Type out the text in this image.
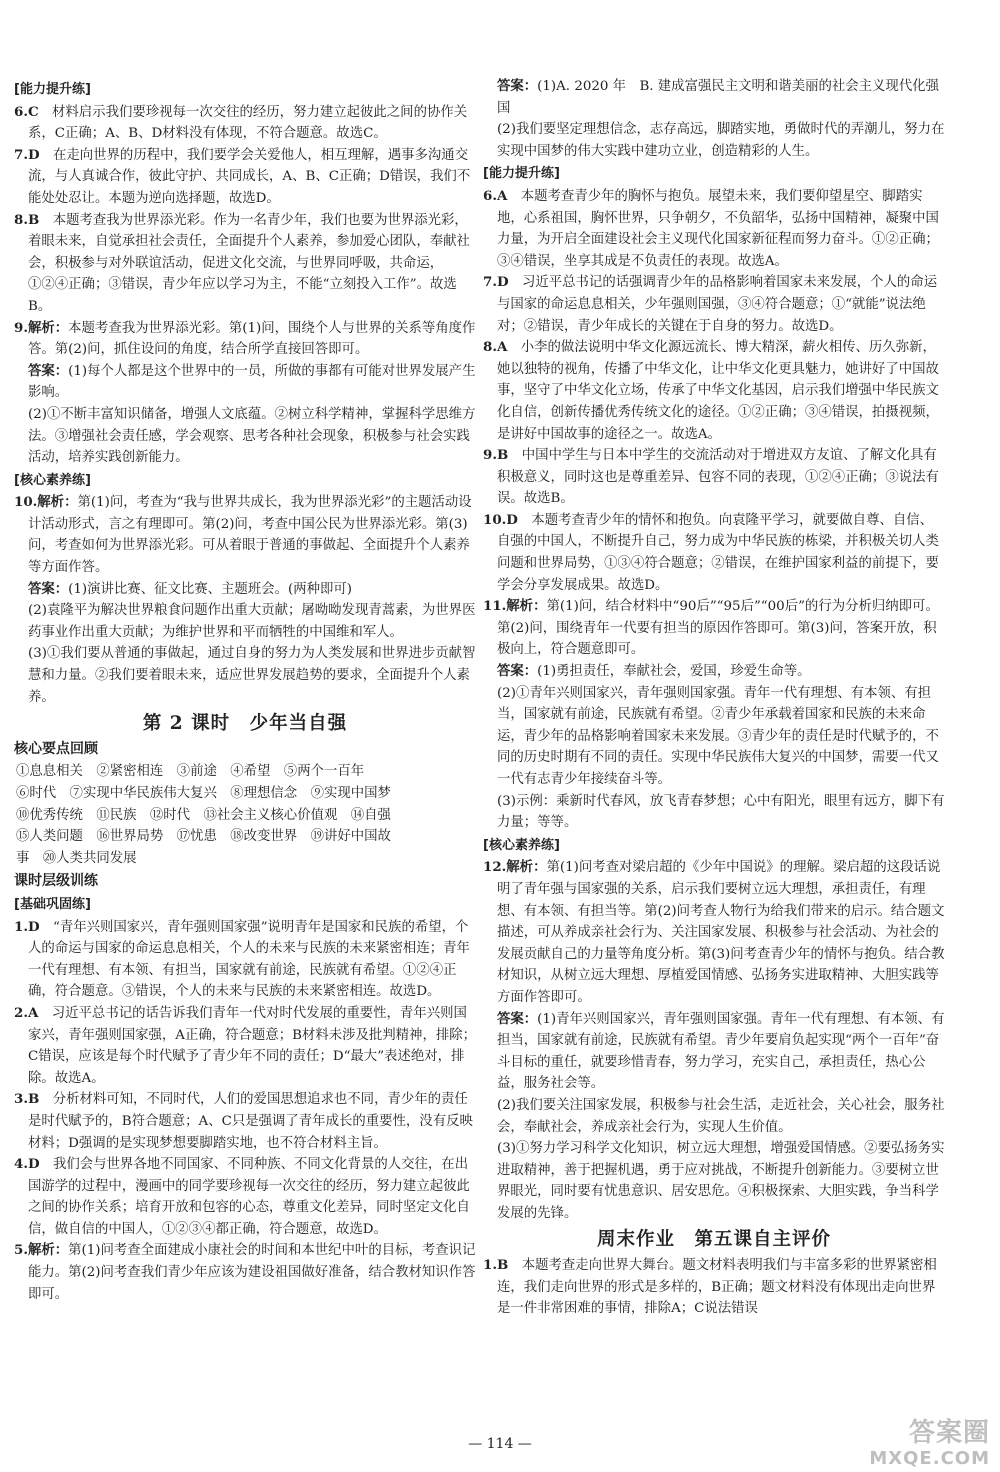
[能力提升练]

6.C　 材料启示我们要珍视每一次交往的经历，努力建立起彼此之间的协作关系，C正确；A、B、D材料没有体现，不符合题意。故选C。

7.D　 在走向世界的历程中，我们要学会关爱他人，相互理解，遇事多沟通交流，与人真诚合作，彼此守护、共同成长，A、B、C正确；D错误，我们不能处处忍让。本题为逆向选择题，故选D。

8.B　 本题考查我为世界添光彩。作为一名青少年，我们也要为世界添光彩，着眼未来，自觉承担社会责任，全面提升个人素养，参加爱心团队，奉献社会，积极参与对外联谊活动，促进文化交流，与世界同呼吸，共命运，①②④正确；③错误，青少年应以学习为主，不能“立刻投入工作”。故选B。

9.解析：本题考查我为世界添光彩。第(1)问，围绕个人与世界的关系等角度作答。第(2)问，抓住设问的角度，结合所学直接回答即可。

答案：(1)每个人都是这个世界中的一员，所做的事都有可能对世界发展产生影响。

(2)①不断丰富知识储备，增强人文底蕴。②树立科学精神，掌握科学思维方法。③增强社会责任感，学会观察、思考各种社会现象，积极参与社会实践活动，培养实践创新能力。

[核心素养练]

10.解析：第(1)问，考查为“我与世界共成长，我为世界添光彩”的主题活动设计活动形式，言之有理即可。第(2)问，考查中国公民为世界添光彩。第(3)问，考查如何为世界添光彩。可从着眼于普通的事做起、全面提升个人素养等方面作答。

答案：(1)演讲比赛、征文比赛、主题班会。(两种即可)

(2)袁隆平为解决世界粮食问题作出重大贡献；屠呦呦发现青蒿素，为世界医药事业作出重大贡献；为维护世界和平而牺牲的中国维和军人。

(3)①我们要从普通的事做起，通过自身的努力为人类发展和世界进步贡献智慧和力量。②我们要着眼未来，适应世界发展趋势的要求，全面提升个人素养。

第 2 课时　少年当自强
核心要点回顾

①息息相关　②紧密相连　③前途　④希望　⑤两个一百年

⑥时代　⑦实现中华民族伟大复兴　⑧理想信念　⑨实现中国梦

⑩优秀传统　⑪民族　⑫时代　⑬社会主义核心价值观　⑭自强

⑮人类问题　⑯世界局势　⑰忧患　⑱改变世界　⑲讲好中国故

事　⑳人类共同发展

课时层级训练
[基础巩固练]

1.D　 “青年兴则国家兴，青年强则国家强”说明青年是国家和民族的希望，个人的命运与国家的命运息息相关，个人的未来与民族的未来紧密相连；青年一代有理想、有本领、有担当，国家就有前途，民族就有希望。①②④正确，符合题意。③错误，个人的未来与民族的未来紧密相连。故选D。

2.A　 习近平总书记的话告诉我们青年一代对时代发展的重要性，青年兴则国家兴，青年强则国家强，A正确，符合题意；B材料未涉及批判精神，排除；C错误，应该是每个时代赋予了青少年不同的责任；D“最大”表述绝对，排除。故选A。

3.B　 分析材料可知，不同时代，人们的爱国思想追求也不同，青少年的责任是时代赋予的，B符合题意；A、C只是强调了青年成长的重要性，没有反映材料；D强调的是实现梦想要脚踏实地，也不符合材料主旨。

4.D　 我们会与世界各地不同国家、不同种族、不同文化背景的人交往，在出国游学的过程中，漫画中的同学要珍视每一次交往的经历，努力建立起彼此之间的协作关系；培育开放和包容的心态，尊重文化差异，同时坚定文化自信，做自信的中国人，①②③④都正确，符合题意，故选D。

5.解析：第(1)问考查全面建成小康社会的时间和本世纪中叶的目标，考查识记能力。第(2)问考查我们青少年应该为建设祖国做好准备，结合教材知识作答即可。

答案：(1)A. 2020 年　B. 建成富强民主文明和谐美丽的社会主义现代化强国

(2)我们要坚定理想信念，志存高远，脚踏实地，勇做时代的弄潮儿，努力在实现中国梦的伟大实践中建功立业，创造精彩的人生。

[能力提升练]

6.A　 本题考查青少年的胸怀与抱负。展望未来，我们要仰望星空、脚踏实地，心系祖国，胸怀世界，只争朝夕，不负韶华，弘扬中国精神，凝聚中国力量，为开启全面建设社会主义现代化国家新征程而努力奋斗。①②正确；③④错误，坐享其成是不负责任的表现。故选A。

7.D　 习近平总书记的话强调青少年的品格影响着国家未来发展，个人的命运与国家的命运息息相关，少年强则国强，③④符合题意；①“就能”说法绝对；②错误，青少年成长的关键在于自身的努力。故选D。

8.A　 小李的做法说明中华文化源远流长、博大精深，薪火相传、历久弥新，她以独特的视角，传播了中华文化，让中华文化更具魅力，她讲好了中国故事，坚守了中华文化立场，传承了中华文化基因，启示我们增强中华民族文化自信，创新传播优秀传统文化的途径。①②正确；③④错误，拍摄视频，是讲好中国故事的途径之一。故选A。

9.B　 中国中学生与日本中学生的交流活动对于增进双方友谊、了解文化具有积极意义，同时这也是尊重差异、包容不同的表现，①②④正确；③说法有误。故选B。

10.D　 本题考查青少年的情怀和抱负。向袁隆平学习，就要做自尊、自信、自强的中国人，不断提升自己，努力成为中华民族的栋梁，并积极关切人类问题和世界局势，①③④符合题意；②错误，在维护国家利益的前提下，要学会分享发展成果。故选D。

11.解析：第(1)问，结合材料中“90后”“95后”“00后”的行为分析归纳即可。第(2)问，围绕青年一代要有担当的原因作答即可。第(3)问，答案开放，积极向上，符合题意即可。

答案：(1)勇担责任，奉献社会，爱国，珍爱生命等。

(2)①青年兴则国家兴，青年强则国家强。青年一代有理想、有本领、有担当，国家就有前途，民族就有希望。②青少年承载着国家和民族的未来命运，青少年的品格影响着国家未来发展。③青少年的责任是时代赋予的，不同的历史时期有不同的责任。实现中华民族伟大复兴的中国梦，需要一代又一代有志青少年接续奋斗等。

(3)示例：乘新时代春风，放飞青春梦想；心中有阳光，眼里有远方，脚下有力量；等等。

[核心素养练]

12.解析：第(1)问考查对梁启超的《少年中国说》的理解。梁启超的这段话说明了青年强与国家强的关系，启示我们要树立远大理想，承担责任，有理想、有本领、有担当等。第(2)问考查人物行为给我们带来的启示。结合题文描述，可从养成亲社会行为、关注国家发展、积极参与社会活动、为社会的发展贡献自己的力量等角度分析。第(3)问考查青少年的情怀与抱负。结合教材知识，从树立远大理想、厚植爱国情感、弘扬务实进取精神、大胆实践等方面作答即可。

答案：(1)青年兴则国家兴，青年强则国家强。青年一代有理想、有本领、有担当，国家就有前途，民族就有希望。青少年要肩负起实现“两个一百年”奋斗目标的重任，就要珍惜青春，努力学习，充实自己，承担责任，热心公益，服务社会等。

(2)我们要关注国家发展，积极参与社会生活，走近社会，关心社会，服务社会，奉献社会，养成亲社会行为，实现人生价值。

(3)①努力学习科学文化知识，树立远大理想，增强爱国情感。②要弘扬务实进取精神，善于把握机遇，勇于应对挑战，不断提升创新能力。③要树立世界眼光，同时要有忧患意识、居安思危。④积极探索、大胆实践，争当科学发展的先锋。

周末作业　第五课自主评价

1.B　 本题考查走向世界大舞台。题文材料表明我们与丰富多彩的世界紧密相连，我们走向世界的形式是多样的，B正确；题文材料没有体现出走向世界是一件非常困难的事情，排除A；C说法错误

— 114 —	答案圈
MXQE.COM
